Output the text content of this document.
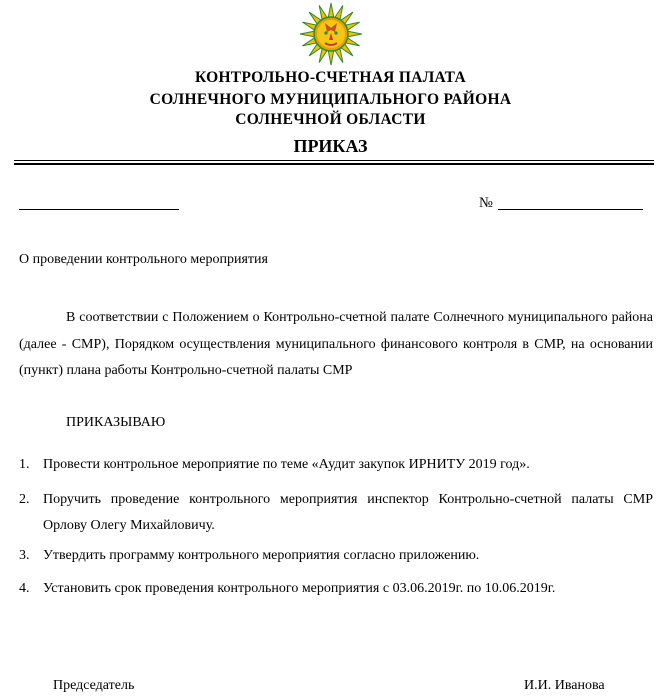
КОНТРОЛЬНО-СЧЕТНАЯ ПАЛАТА
СОЛНЕЧНОГО МУНИЦИПАЛЬНОГО РАЙОНА
СОЛНЕЧНОЙ ОБЛАСТИ
ПРИКАЗ
№
О проведении контрольного мероприятия

В соответствии с Положением о Контрольно-счетной палате Солнечного муниципального района (далее - СМР), Порядком осуществления муниципального финансового контроля в СМР, на основании (пункт) плана работы Контрольно-счетной палаты СМР

ПРИКАЗЫВАЮ
1. Провести контрольное мероприятие по теме «Аудит закупок ИРНИТУ 2019 год».
2. Поручить проведение контрольного мероприятия инспектор Контрольно-счетной палаты СМР Орлову Олегу Михайловичу.
3. Утвердить программу контрольного мероприятия согласно приложению.
4. Установить срок проведения контрольного мероприятия с 03.06.2019г. по 10.06.2019г.
Председатель	И.И. Иванова
